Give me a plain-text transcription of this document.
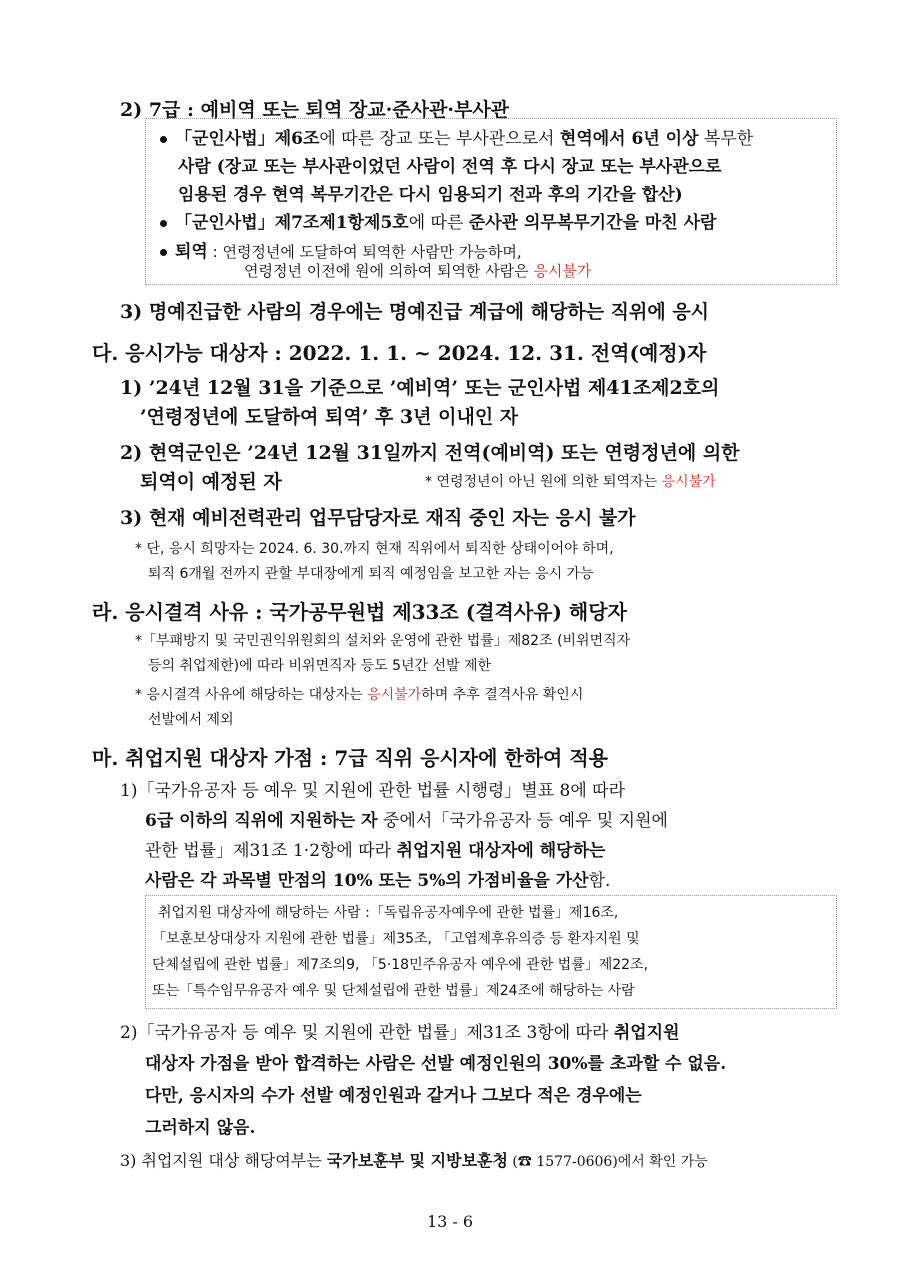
2) 7급 : 예비역 또는 퇴역 장교·준사관·부사관
「군인사법」제6조에 따른 장교 또는 부사관으로서 현역에서 6년 이상 복무한
사람 (장교 또는 부사관이었던 사람이 전역 후 다시 장교 또는 부사관으로
임용된 경우 현역 복무기간은 다시 임용되기 전과 후의 기간을 합산)
「군인사법」제7조제1항제5호에 따른 준사관 의무복무기간을 마친 사람
퇴역 : 연령정년에 도달하여 퇴역한 사람만 가능하며,
연령정년 이전에 원에 의하여 퇴역한 사람은 응시불가
3) 명예진급한 사람의 경우에는 명예진급 계급에 해당하는 직위에 응시
다. 응시가능 대상자 : 2022. 1. 1. ~ 2024. 12. 31. 전역(예정)자
1) ’24년 12월 31을 기준으로 ’예비역’ 또는 군인사법 제41조제2호의
’연령정년에 도달하여 퇴역’ 후 3년 이내인 자
2) 현역군인은 ’24년 12월 31일까지 전역(예비역) 또는 연령정년에 의한
퇴역이 예정된 자	* 연령정년이 아닌 원에 의한 퇴역자는 응시불가
3) 현재 예비전력관리 업무담당자로 재직 중인 자는 응시 불가
* 단, 응시 희망자는 2024. 6. 30.까지 현재 직위에서 퇴직한 상태이어야 하며,
퇴직 6개월 전까지 관할 부대장에게 퇴직 예정임을 보고한 자는 응시 가능
라. 응시결격 사유 : 국가공무원법 제33조 (결격사유) 해당자
*「부패방지 및 국민권익위원회의 설치와 운영에 관한 법률」제82조 (비위면직자
등의 취업제한)에 따라 비위면직자 등도 5년간 선발 제한
* 응시결격 사유에 해당하는 대상자는 응시불가하며 추후 결격사유 확인시
선발에서 제외
마. 취업지원 대상자 가점 : 7급 직위 응시자에 한하여 적용
1)「국가유공자 등 예우 및 지원에 관한 법률 시행령」별표 8에 따라
6급 이하의 직위에 지원하는 자 중에서「국가유공자 등 예우 및 지원에
관한 법률」제31조 1·2항에 따라 취업지원 대상자에 해당하는
사람은 각 과목별 만점의 10% 또는 5%의 가점비율을 가산함.
취업지원 대상자에 해당하는 사람 :「독립유공자예우에 관한 법률」제16조,
「보훈보상대상자 지원에 관한 법률」제35조, 「고엽제후유의증 등 환자지원 및
단체설립에 관한 법률」제7조의9, 「5·18민주유공자 예우에 관한 법률」제22조,
또는「특수임무유공자 예우 및 단체설립에 관한 법률」제24조에 해당하는 사람
2)「국가유공자 등 예우 및 지원에 관한 법률」제31조 3항에 따라 취업지원
대상자 가점을 받아 합격하는 사람은 선발 예정인원의 30%를 초과할 수 없음.
다만, 응시자의 수가 선발 예정인원과 같거나 그보다 적은 경우에는
그러하지 않음.
3) 취업지원 대상 해당여부는 국가보훈부 및 지방보훈청 (☎ 1577-0606)에서 확인 가능
13 - 6
